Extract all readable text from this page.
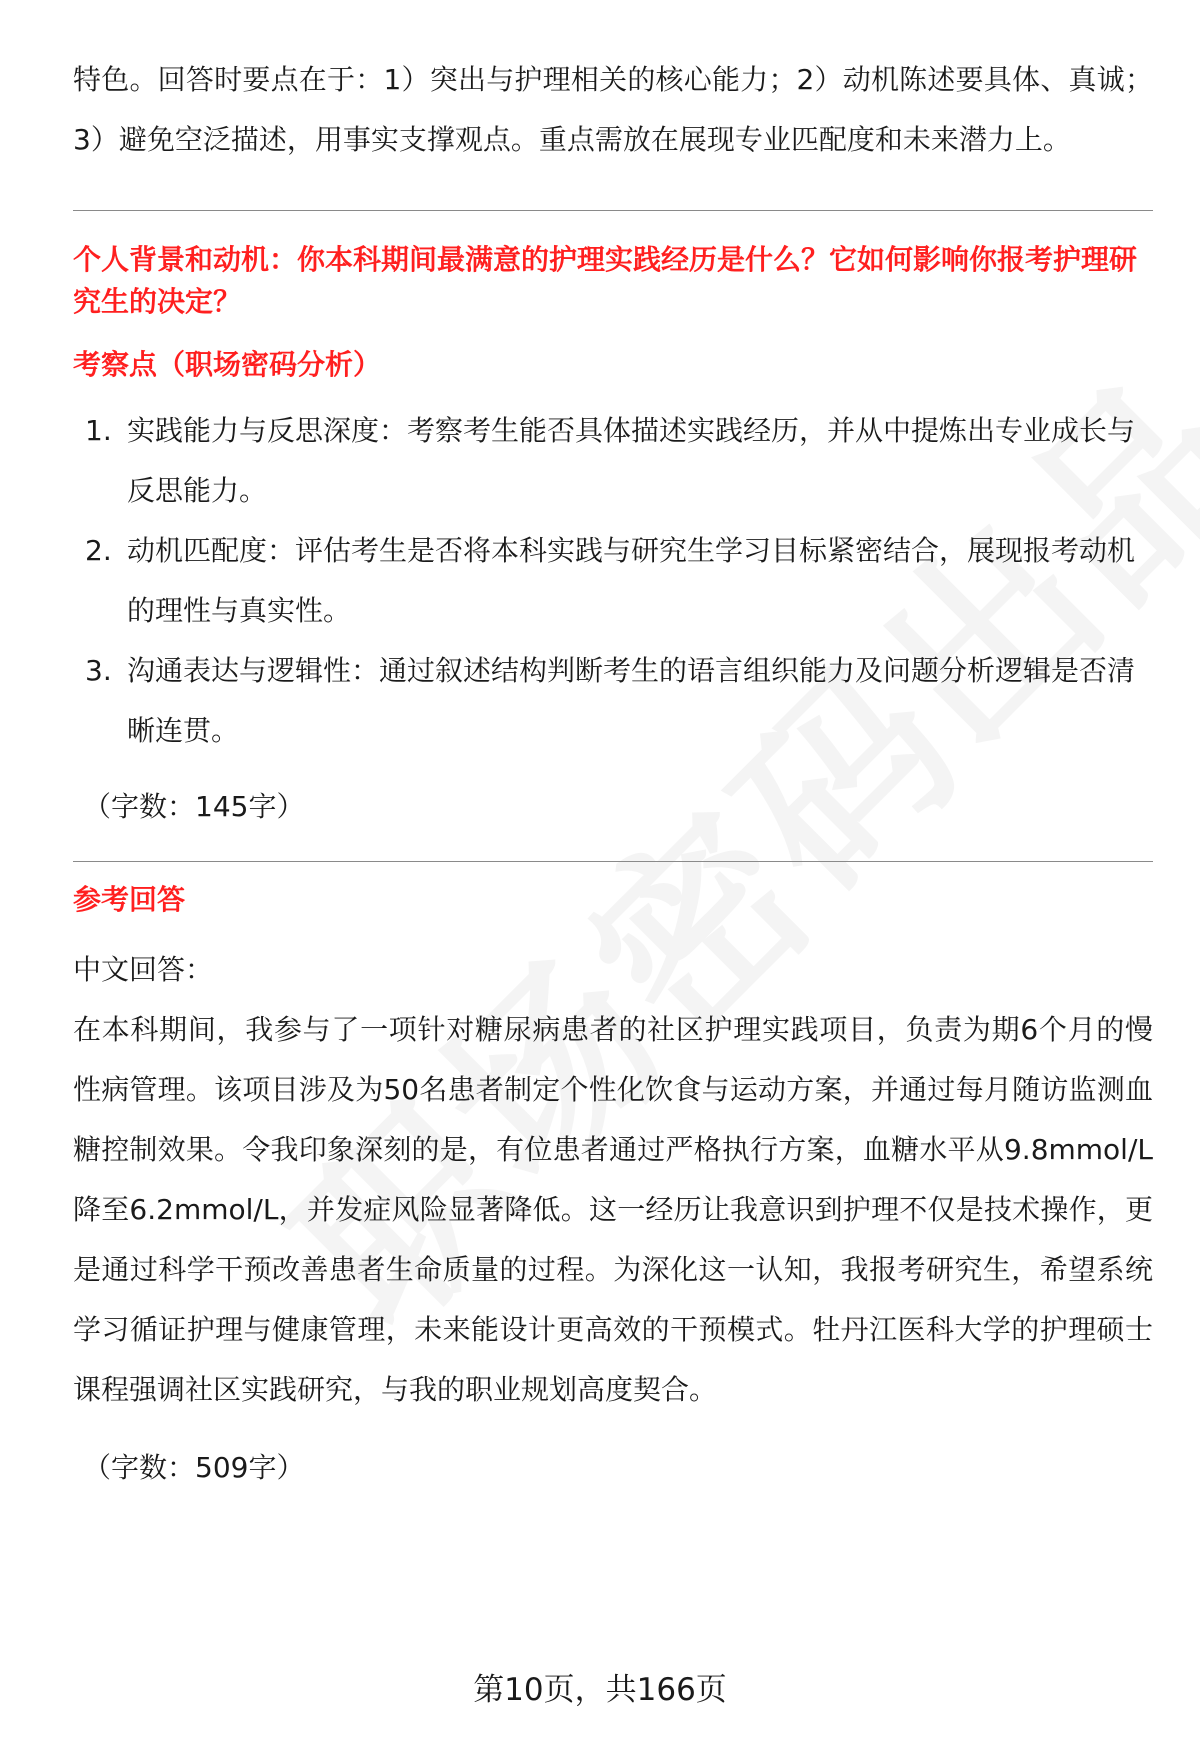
特色。回答时要点在于：1）突出与护理相关的核心能力；2）动机陈述要具体、真诚；3）避免空泛描述，用事实支撑观点。重点需放在展现专业匹配度和未来潜力上。

个人背景和动机：你本科期间最满意的护理实践经历是什么？它如何影响你报考护理研究生的决定？

考察点（职场密码分析）

1. 实践能力与反思深度：考察考生能否具体描述实践经历，并从中提炼出专业成长与反思能力。
2. 动机匹配度：评估考生是否将本科实践与研究生学习目标紧密结合，展现报考动机的理性与真实性。
3. 沟通表达与逻辑性：通过叙述结构判断考生的语言组织能力及问题分析逻辑是否清晰连贯。

（字数：145字）

参考回答

中文回答：

在本科期间，我参与了一项针对糖尿病患者的社区护理实践项目，负责为期6个月的慢性病管理。该项目涉及为50名患者制定个性化饮食与运动方案，并通过每月随访监测血糖控制效果。令我印象深刻的是，有位患者通过严格执行方案，血糖水平从9.8mmol/L降至6.2mmol/L，并发症风险显著降低。这一经历让我意识到护理不仅是技术操作，更是通过科学干预改善患者生命质量的过程。为深化这一认知，我报考研究生，希望系统学习循证护理与健康管理，未来能设计更高效的干预模式。牡丹江医科大学的护理硕士课程强调社区实践研究，与我的职业规划高度契合。

（字数：509字）

第10页，共166页
